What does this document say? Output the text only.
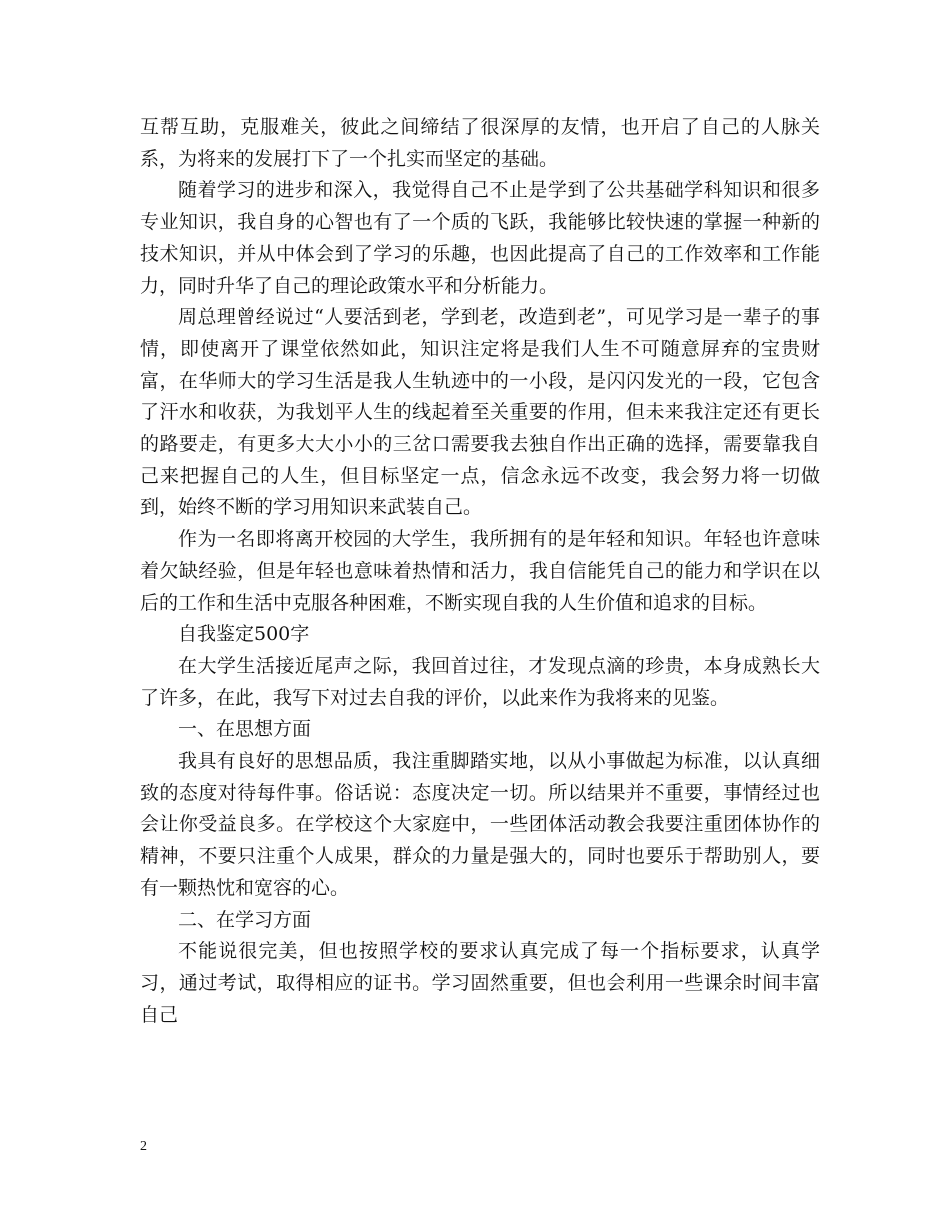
互帮互助，克服难关，彼此之间缔结了很深厚的友情，也开启了自己的人脉关系，为将来的发展打下了一个扎实而坚定的基础。

随着学习的进步和深入，我觉得自己不止是学到了公共基础学科知识和很多专业知识，我自身的心智也有了一个质的飞跃，我能够比较快速的掌握一种新的技术知识，并从中体会到了学习的乐趣，也因此提高了自己的工作效率和工作能力，同时升华了自己的理论政策水平和分析能力。

周总理曾经说过“人要活到老，学到老，改造到老”，可见学习是一辈子的事情，即使离开了课堂依然如此，知识注定将是我们人生不可随意屏弃的宝贵财富，在华师大的学习生活是我人生轨迹中的一小段，是闪闪发光的一段，它包含了汗水和收获，为我划平人生的线起着至关重要的作用，但未来我注定还有更长的路要走，有更多大大小小的三岔口需要我去独自作出正确的选择，需要靠我自己来把握自己的人生，但目标坚定一点，信念永远不改变，我会努力将一切做到，始终不断的学习用知识来武装自己。

作为一名即将离开校园的大学生，我所拥有的是年轻和知识。年轻也许意味着欠缺经验，但是年轻也意味着热情和活力，我自信能凭自己的能力和学识在以后的工作和生活中克服各种困难，不断实现自我的人生价值和追求的目标。

自我鉴定500字

在大学生活接近尾声之际，我回首过往，才发现点滴的珍贵，本身成熟长大了许多，在此，我写下对过去自我的评价，以此来作为我将来的见鉴。

一、在思想方面

我具有良好的思想品质，我注重脚踏实地，以从小事做起为标准，以认真细致的态度对待每件事。俗话说：态度决定一切。所以结果并不重要，事情经过也会让你受益良多。在学校这个大家庭中，一些团体活动教会我要注重团体协作的精神，不要只注重个人成果，群众的力量是强大的，同时也要乐于帮助别人，要有一颗热忱和宽容的心。

二、在学习方面

不能说很完美，但也按照学校的要求认真完成了每一个指标要求，认真学习，通过考试，取得相应的证书。学习固然重要，但也会利用一些课余时间丰富自己

2
